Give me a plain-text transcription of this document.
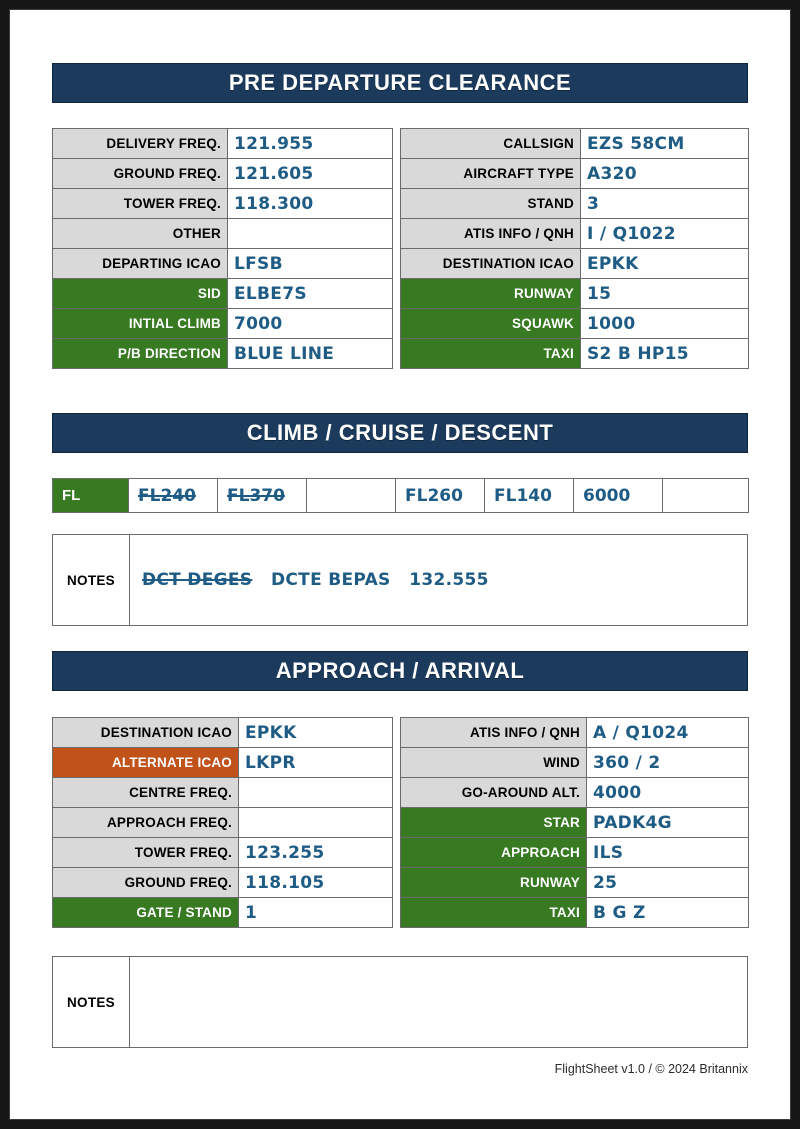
PRE DEPARTURE CLEARANCE
DELIVERY FREQ.	121.955
GROUND FREQ.	121.605
TOWER FREQ.	118.300
OTHER	
DEPARTING ICAO	LFSB
SID	ELBE7S
INTIAL CLIMB	7000
P/B DIRECTION	BLUE LINE
CALLSIGN	EZS 58CM
AIRCRAFT TYPE	A320
STAND	3
ATIS INFO / QNH	I / Q1022
DESTINATION ICAO	EPKK
RUNWAY	15
SQUAWK	1000
TAXI	S2 B HP15
CLIMB / CRUISE / DESCENT
FL	FL240	FL370		FL260	FL140	6000	
NOTES	DCT DEGES DCTE BEPAS   132.555
APPROACH / ARRIVAL
DESTINATION ICAO	EPKK
ALTERNATE ICAO	LKPR
CENTRE FREQ.	
APPROACH FREQ.	
TOWER FREQ.	123.255
GROUND FREQ.	118.105
GATE / STAND	1
ATIS INFO / QNH	A / Q1024
WIND	360 / 2
GO-AROUND ALT.	4000
STAR	PADK4G
APPROACH	ILS
RUNWAY	25
TAXI	B G Z
NOTES
FlightSheet v1.0 / © 2024 Britannix
